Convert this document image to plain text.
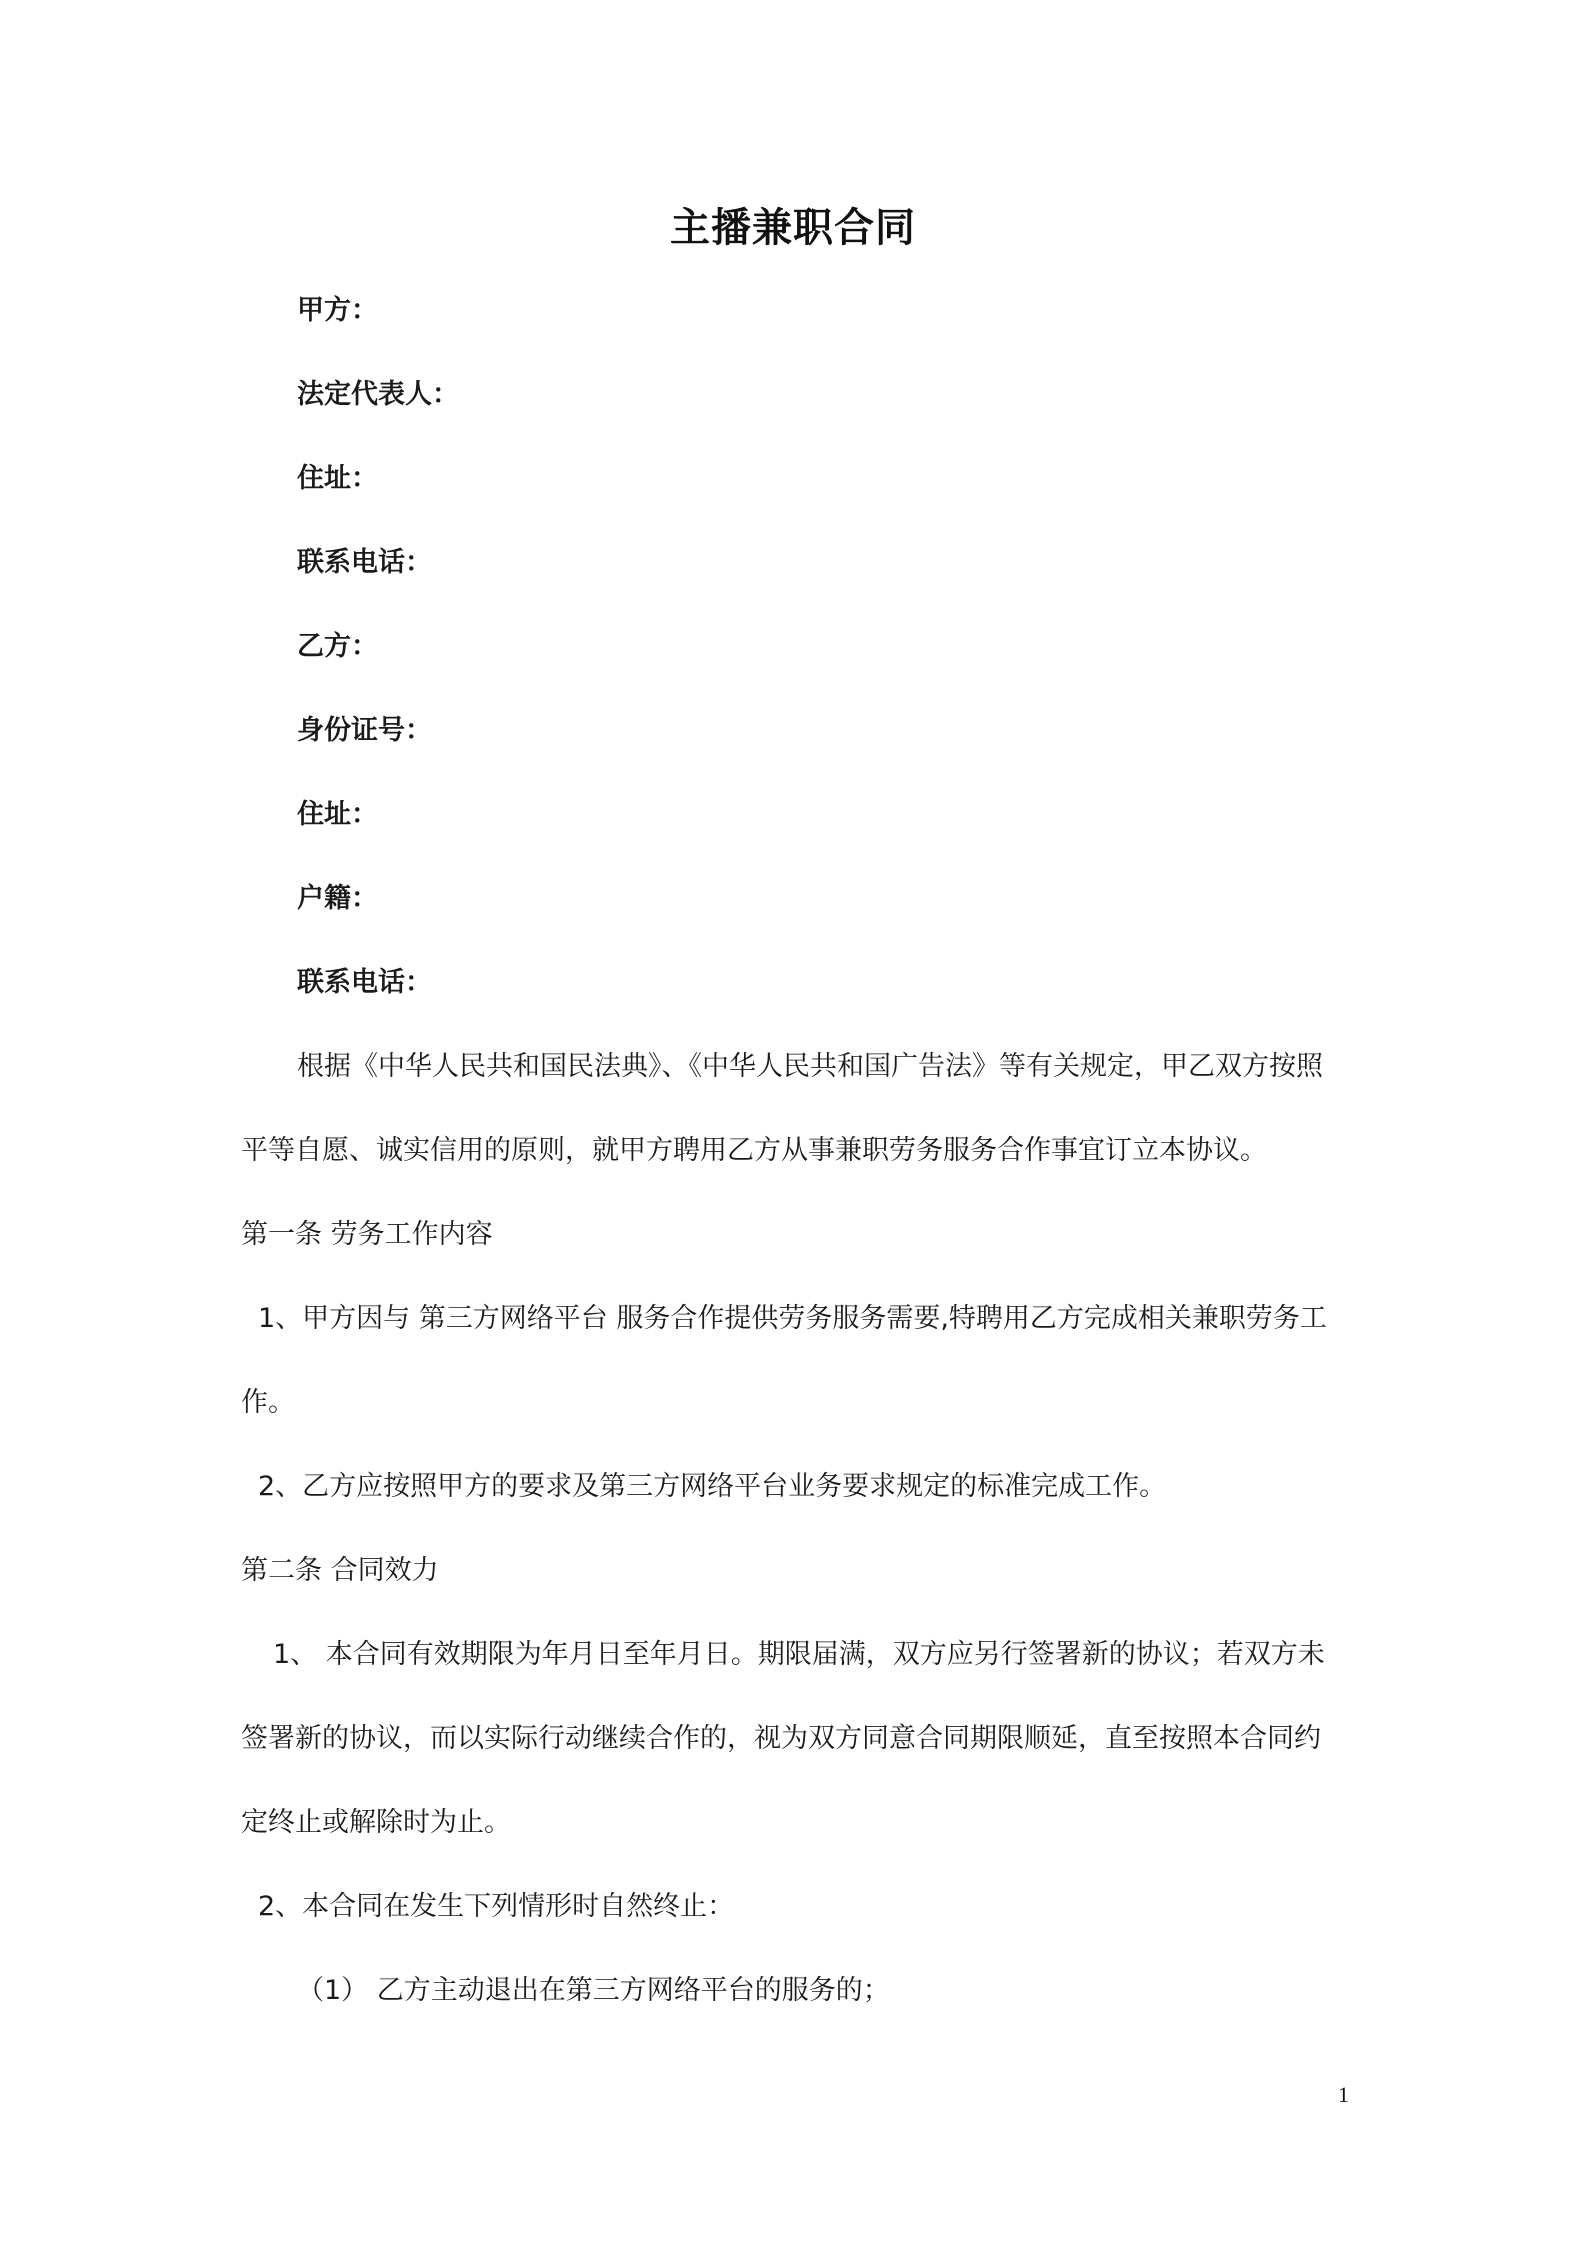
主播兼职合同
甲方：
法定代表人：
住址：
联系电话：
乙方：
身份证号：
住址：
户籍：
联系电话：
根据《中华人民共和国民法典》、《中华人民共和国广告法》等有关规定，甲乙双方按照
平等自愿、诚实信用的原则，就甲方聘用乙方从事兼职劳务服务合作事宜订立本协议。
第一条 劳务工作内容
1、甲方因与 第三方网络平台 服务合作提供劳务服务需要,特聘用乙方完成相关兼职劳务工
作。
2、乙方应按照甲方的要求及第三方网络平台业务要求规定的标准完成工作。
第二条 合同效力
1、 本合同有效期限为年月日至年月日。期限届满，双方应另行签署新的协议；若双方未
签署新的协议，而以实际行动继续合作的，视为双方同意合同期限顺延，直至按照本合同约
定终止或解除时为止。
2、本合同在发生下列情形时自然终止：
（1） 乙方主动退出在第三方网络平台的服务的；
1
